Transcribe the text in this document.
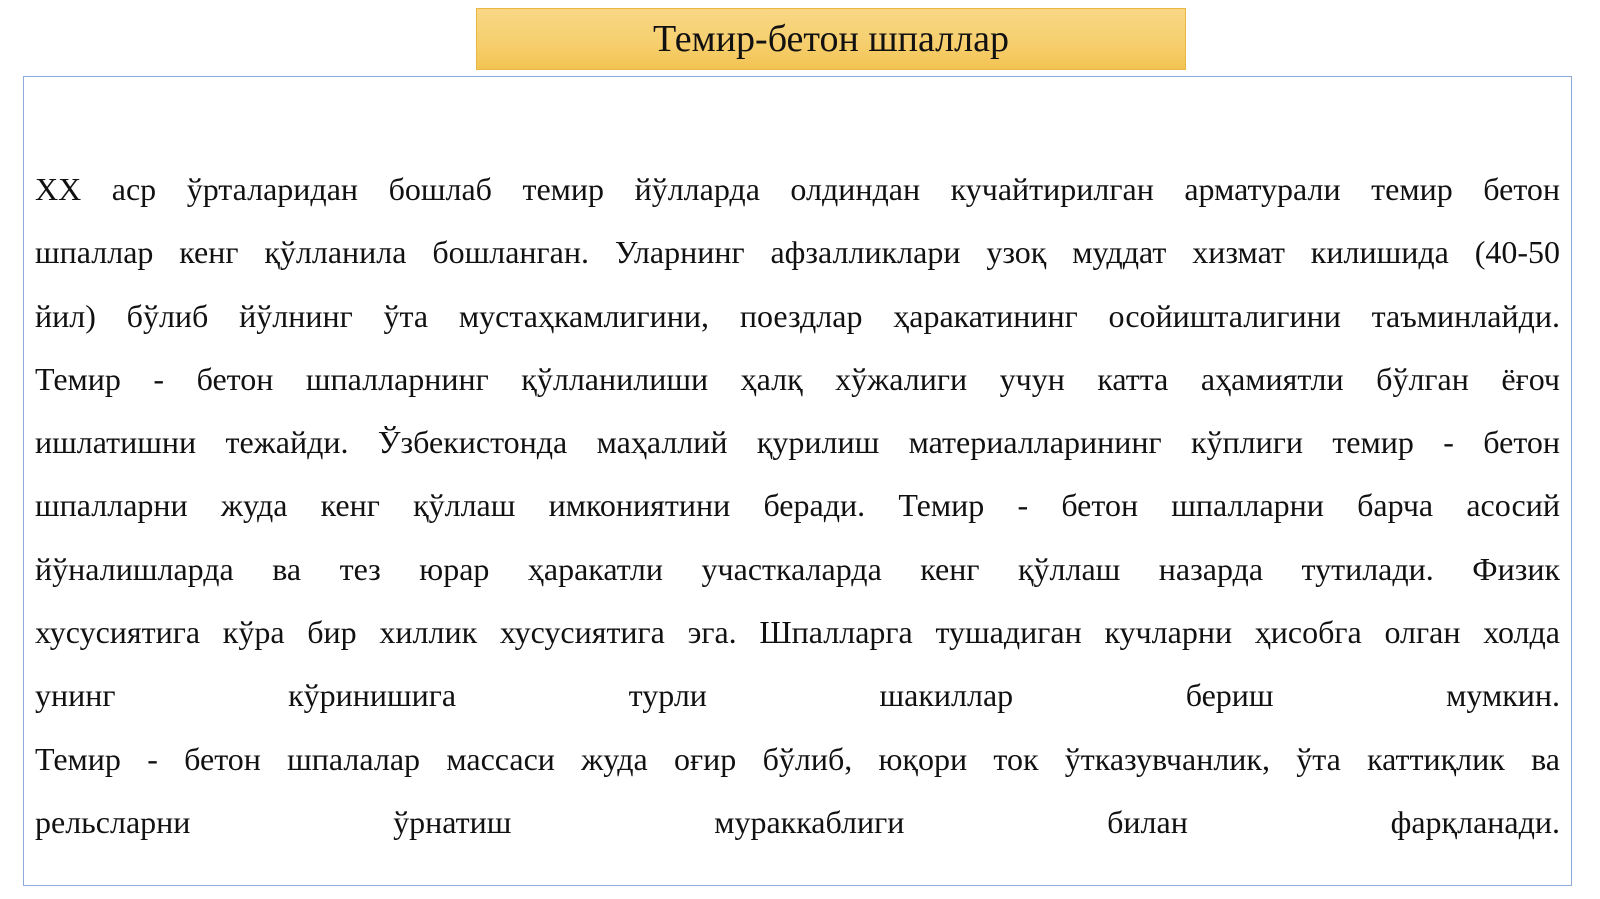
Темир-бетон шпаллар
XX аср ўрталаридан бошлаб темир йўлларда олдиндан кучайтирилган арматурали темир бетон
шпаллар кенг қўлланила бошланган. Уларнинг афзалликлари узоқ муддат хизмат килишида (40-50
йил) бўлиб йўлнинг ўта мустаҳкамлигини, поездлар ҳаракатининг осойишталигини таъминлайди.
Темир - бетон шпалларнинг қўлланилиши ҳалқ хўжалиги учун катта аҳамиятли бўлган ёғоч
ишлатишни тежайди. Ўзбекистонда маҳаллий қурилиш материалларининг кўплиги темир - бетон
шпалларни жуда кенг қўллаш имкониятини беради. Темир - бетон шпалларни барча асосий
йўналишларда ва тез юрар ҳаракатли участкаларда кенг қўллаш назарда тутилади. Физик
хусусиятига кўра бир хиллик хусусиятига эга. Шпалларга тушадиган кучларни ҳисобга олган холда
унинг кўринишига турли шакиллар бериш мумкин.
Темир - бетон шпалалар массаси жуда оғир бўлиб, юқори ток ўтказувчанлик, ўта каттиқлик ва
рельсларни ўрнатиш мураккаблиги билан фарқланади.
